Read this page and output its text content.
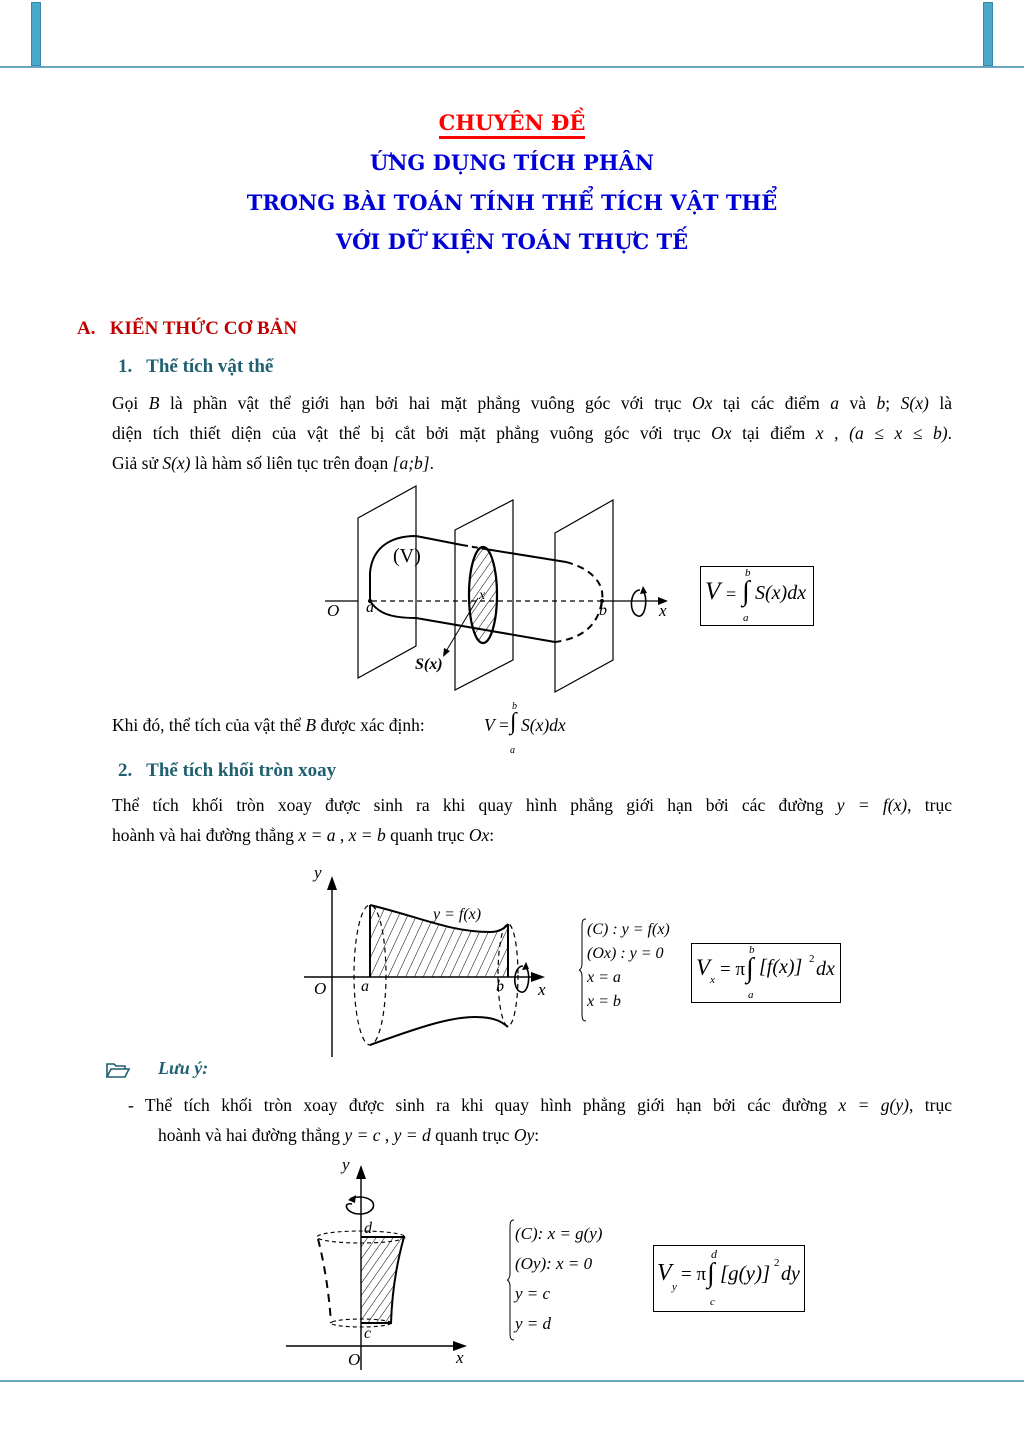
CHUYÊN ĐỀ
ỨNG DỤNG TÍCH PHÂN
TRONG BÀI TOÁN TÍNH THỂ TÍCH VẬT THỂ
VỚI DỮ KIỆN TOÁN THỰC TẾ
A.   KIẾN THỨC CƠ BẢN
1.   Thể tích vật thể
Gọi B là phần vật thể giới hạn bởi hai mặt phẳng vuông góc với trục Ox tại các điểm a và b; S(x) là
diện tích thiết diện của vật thể bị cắt bởi mặt phẳng vuông góc với trục Ox tại điểm x , (a ≤ x ≤ b).
Giả sử S(x) là hàm số liên tục trên đoạn [a;b].
(V)
O a
x
b	x
S(x)
V =
b
∫
a
S(x)dx
Khi đó, thể tích của vật thể B được xác định:	V =
b
∫
a
S(x)dx
2.   Thể tích khối tròn xoay
Thể tích khối tròn xoay được sinh ra khi quay hình phẳng giới hạn bởi các đường y = f(x), trục
hoành và hai đường thẳng x = a , x = b quanh trục Ox:
y
O a	b x
y = f(x)
(C) : y = f(x)
(Ox) : y = 0
x = a
x = b
V x = π
b
∫
a
[f(x)] 2 dx
Lưu ý:
- Thể tích khối tròn xoay được sinh ra khi quay hình phẳng giới hạn bởi các đường x = g(y), trục
hoành và hai đường thẳng y = c , y = d quanh trục Oy:
y
O	x
d
c
(C): x = g(y)
(Oy): x = 0
y = c
y = d
V
y
= π
d
∫
c
[g(y)] 2 dy
